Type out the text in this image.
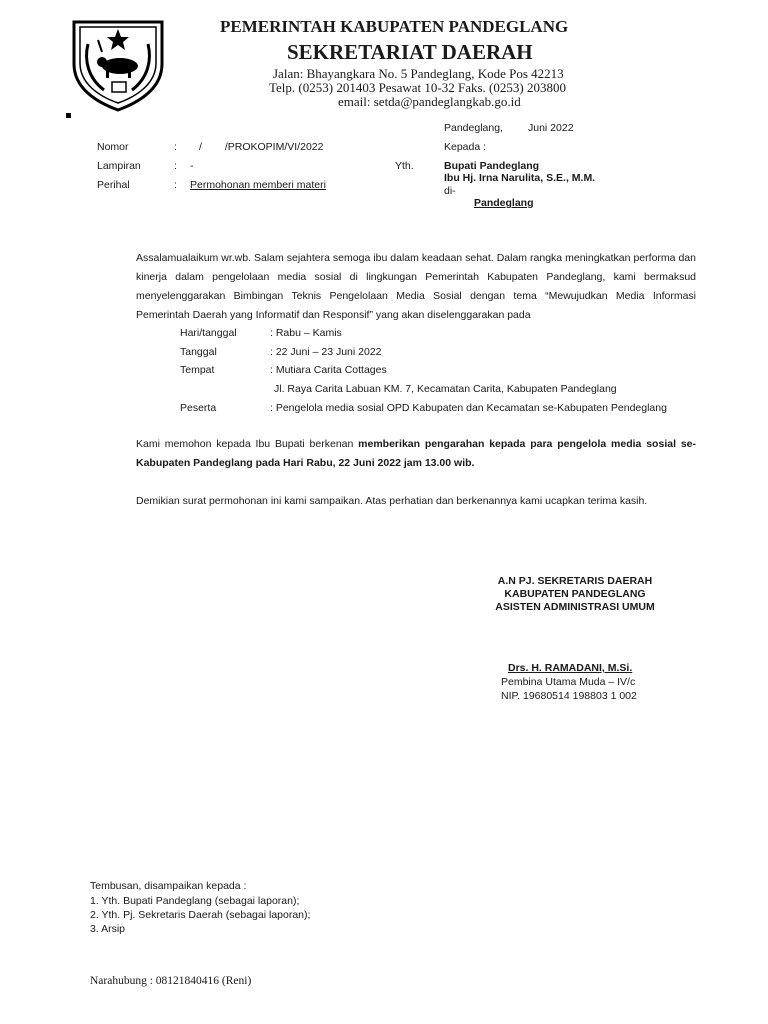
PEMERINTAH KABUPATEN PANDEGLANG
SEKRETARIAT DAERAH
Jalan: Bhayangkara No. 5 Pandeglang, Kode Pos 42213
Telp. (0253) 201403 Pesawat 10-32 Faks. (0253) 203800
email: setda@pandeglangkab.go.id
Pandeglang, Juni 2022
Nomor	: / /PROKOPIM/VI/2022
Lampiran	: -
Perihal	: Permohonan memberi materi
Kepada :
Yth.	Bupati Pandeglang
Ibu Hj. Irna Narulita, S.E., M.M.
di-
Pandeglang
Assalamualaikum wr.wb. Salam sejahtera semoga ibu dalam keadaan sehat. Dalam rangka meningkatkan performa dan kinerja dalam pengelolaan media sosial di lingkungan Pemerintah Kabupaten Pandeglang, kami bermaksud menyelenggarakan Bimbingan Teknis Pengelolaan Media Sosial dengan tema “Mewujudkan Media Informasi Pemerintah Daerah yang Informatif dan Responsif” yang akan diselenggarakan pada
Hari/tanggal	: Rabu – Kamis
Tanggal	: 22 Juni – 23 Juni 2022
Tempat	: Mutiara Carita Cottages
Jl. Raya Carita Labuan KM. 7, Kecamatan Carita, Kabupaten Pandeglang
Peserta	: Pengelola media sosial OPD Kabupaten dan Kecamatan se-Kabupaten Pendeglang
Kami memohon kepada Ibu Bupati berkenan memberikan pengarahan kepada para pengelola media sosial se-Kabupaten Pandeglang pada Hari Rabu, 22 Juni 2022 jam 13.00 wib.
Demikian surat permohonan ini kami sampaikan. Atas perhatian dan berkenannya kami ucapkan terima kasih.
A.N PJ. SEKRETARIS DAERAH
KABUPATEN PANDEGLANG
ASISTEN ADMINISTRASI UMUM
Drs. H. RAMADANI, M.Si.
Pembina Utama Muda – IV/c
NIP. 19680514 198803 1 002
Tembusan, disampaikan kepada :
1. Yth. Bupati Pandeglang (sebagai laporan);
2. Yth. Pj. Sekretaris Daerah (sebagai laporan);
3. Arsip
Narahubung : 08121840416 (Reni)
